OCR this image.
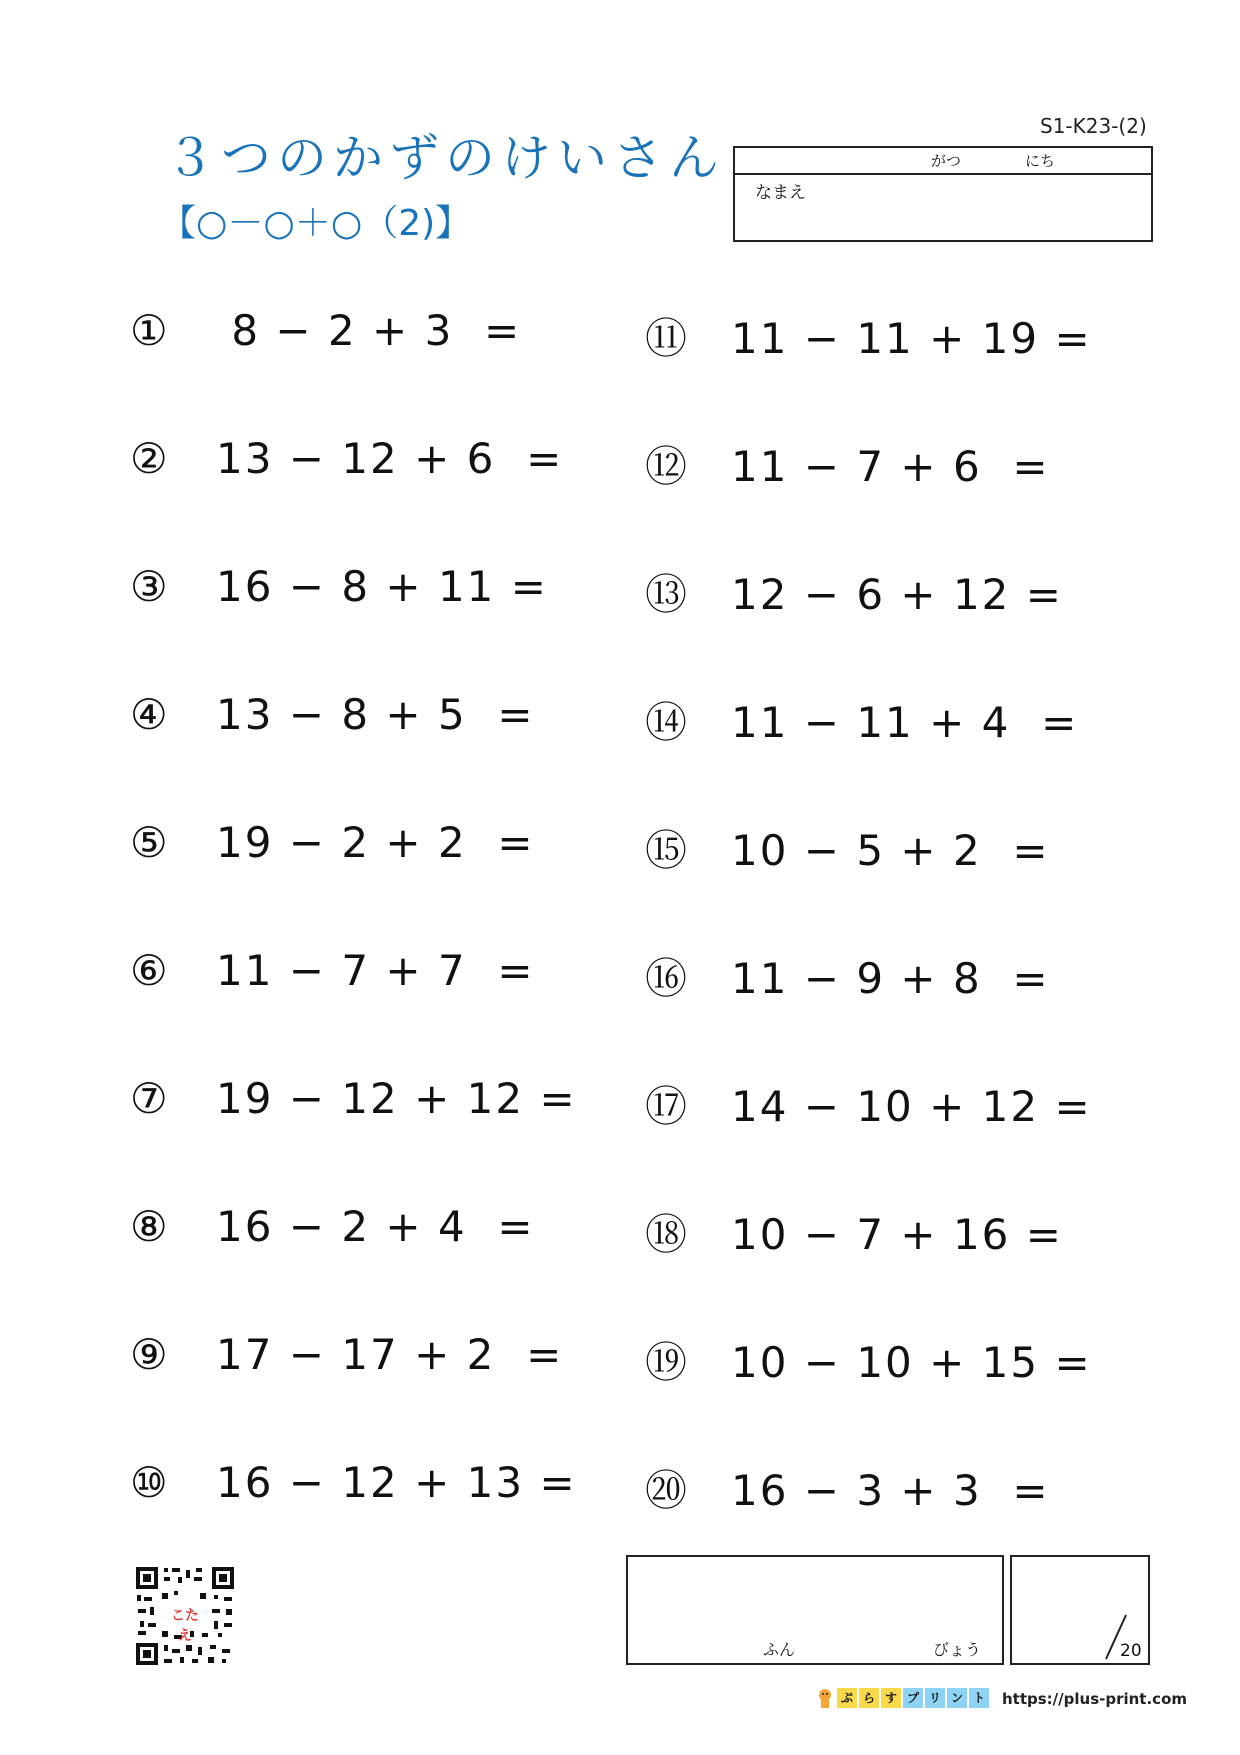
３つのかずのけいさん
【○－○＋○（2)】
S1-K23-(2)
がつ	にち
なまえ
① 8 − 2 + 3  =
② 13 − 12 + 6  =
③ 16 − 8 + 11 =
④ 13 − 8 + 5  =
⑤ 19 − 2 + 2  =
⑥ 11 − 7 + 7  =
⑦ 19 − 12 + 12 =
⑧ 16 − 2 + 4  =
⑨ 17 − 17 + 2  =
⑩ 16 − 12 + 13 =
⑪ 11 − 11 + 19 =
⑫ 11 − 7 + 6  =
⑬ 12 − 6 + 12 =
⑭ 11 − 11 + 4  =
⑮ 10 − 5 + 2  =
⑯ 11 − 9 + 8  =
⑰ 14 − 10 + 12 =
⑱ 10 − 7 + 16 =
⑲ 10 − 10 + 15 =
⑳ 16 − 3 + 3  =
こたえ
ふん	びょう	20
ぷ ら す プ リ ン ト https://plus-print.com
